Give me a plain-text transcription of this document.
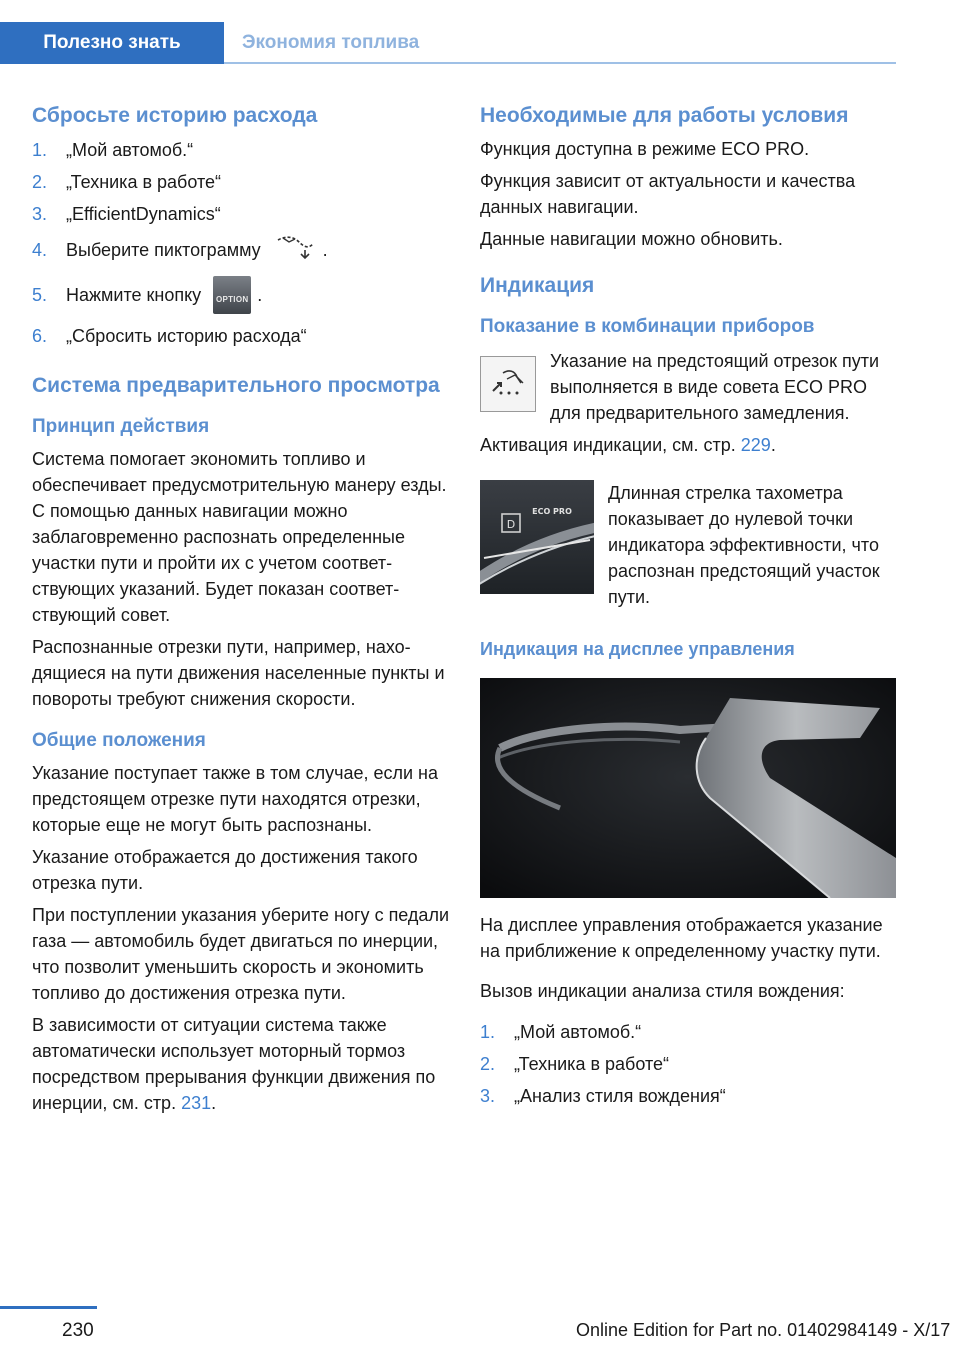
Полезно знать	Экономия топлива
Сбросьте историю расхода
1.	„Мой автомоб.“
2.	„Техника в работе“
3.	„EfficientDynamics“
4.	Выберите пиктограмму	.
5.	Нажмите кнопку	OPTION .
6.	„Сбросить историю расхода“
Система предварительного просмотра
Принцип действия

Система помогает экономить топливо и обеспечивает предусмотрительную манеру езды. С помощью данных навигации можно заблаговременно распознать определенные участки пути и пройти их с учетом соответствующих указаний. Будет показан соответствующий совет.

Распознанные отрезки пути, например, находящиеся на пути движения населенные пункты и повороты требуют снижения скорости.

Общие положения

Указание поступает также в том случае, если на предстоящем отрезке пути находятся отрезки, которые еще не могут быть распознаны.

Указание отображается до достижения такого отрезка пути.

При поступлении указания уберите ногу с педали газа — автомобиль будет двигаться по инерции, что позволит уменьшить скорость и экономить топливо до достижения отрезка пути.

В зависимости от ситуации система также автоматически использует моторный тормоз посредством прерывания функции движения по инерции, см. стр. 231.

Необходимые для работы условия

Функция доступна в режиме ECO PRO.

Функция зависит от актуальности и качества данных навигации.

Данные навигации можно обновить.

Индикация
Показание в комбинации приборов

Указание на предстоящий отрезок пути выполняется в виде совета ECO PRO для предварительного замедления.

Активация индикации, см. стр. 229.

D
ECO PRO

Длинная стрелка тахометра показывает до нулевой точки индикатора эффективности, что распознан предстоящий участок пути.

Индикация на дисплее управления

На дисплее управления отображается указание на приближение к определенному участку пути.

Вызов индикации анализа стиля вождения:

1.	„Мой автомоб.“
2.	„Техника в работе“
3.	„Анализ стиля вождения“
230	Online Edition for Part no. 01402984149 - X/17
